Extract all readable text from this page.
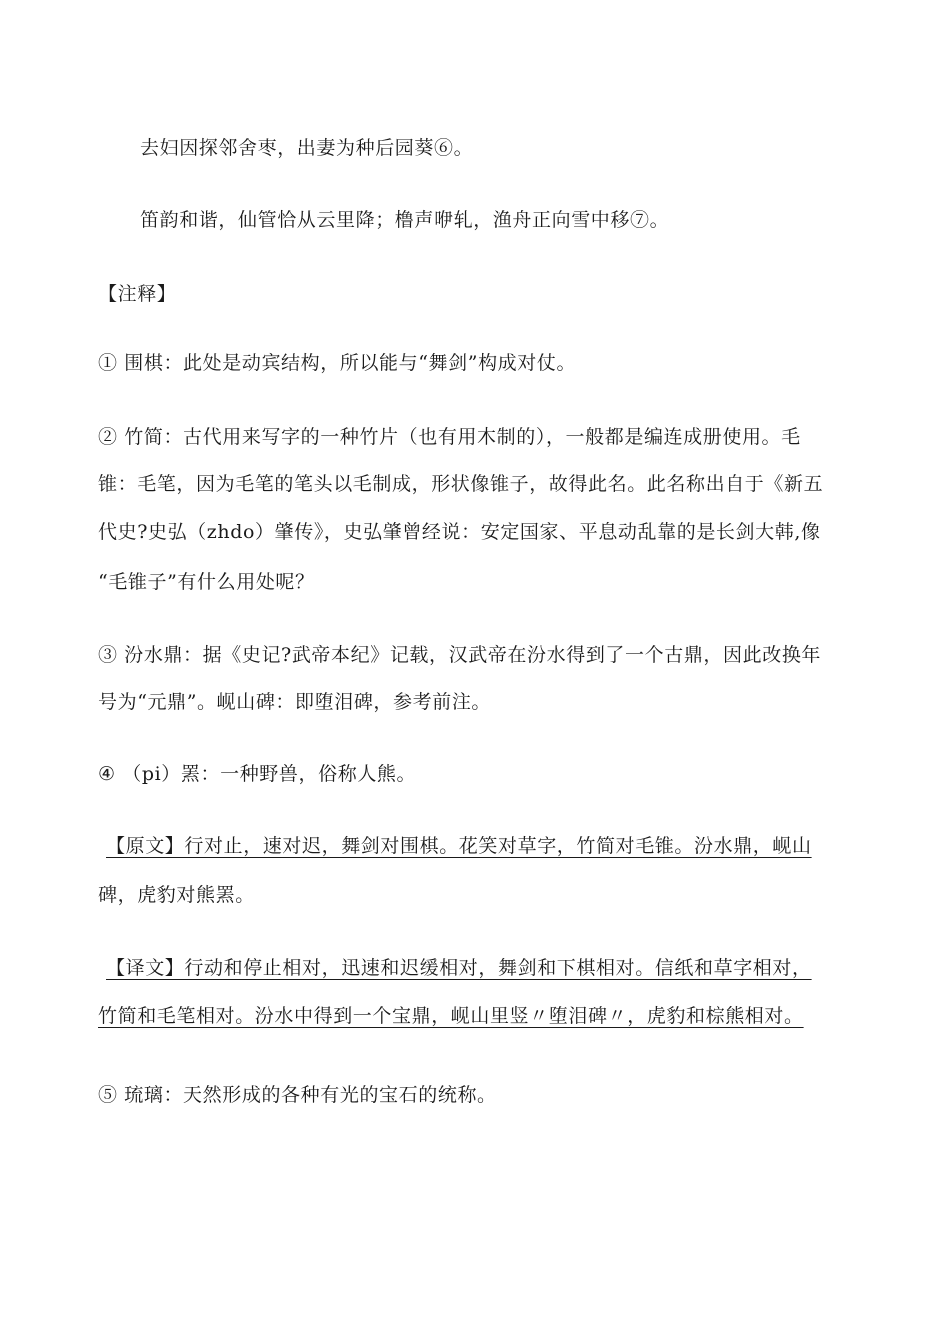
去妇因探邻舍枣，出妻为种后园葵⑥。
笛韵和谐，仙管恰从云里降；橹声咿轧，渔舟正向雪中移⑦。
【注释】
① 围棋：此处是动宾结构，所以能与“舞剑”构成对仗。
② 竹简：古代用来写字的一种竹片（也有用木制的），一般都是编连成册使用。毛
锥：毛笔，因为毛笔的笔头以毛制成，形状像锥子，故得此名。此名称出自于《新五
代史?史弘（zhdo）肇传》，史弘肇曾经说：安定国家、平息动乱靠的是长剑大韩,像
“毛锥子”有什么用处呢？
③ 汾水鼎：据《史记?武帝本纪》记载，汉武帝在汾水得到了一个古鼎，因此改换年
号为“元鼎”。岘山碑：即堕泪碑，参考前注。
④ （pi）罴：一种野兽，俗称人熊。
【原文】行对止，速对迟，舞剑对围棋。花笑对草字，竹简对毛锥。汾水鼎，岘山
碑，虎豹对熊罴。
【译文】行动和停止相对，迅速和迟缓相对，舞剑和下棋相对。信纸和草字相对，
竹简和毛笔相对。汾水中得到一个宝鼎，岘山里竖〃堕泪碑〃，虎豹和棕熊相对。
⑤ 琉璃：天然形成的各种有光的宝石的统称。
